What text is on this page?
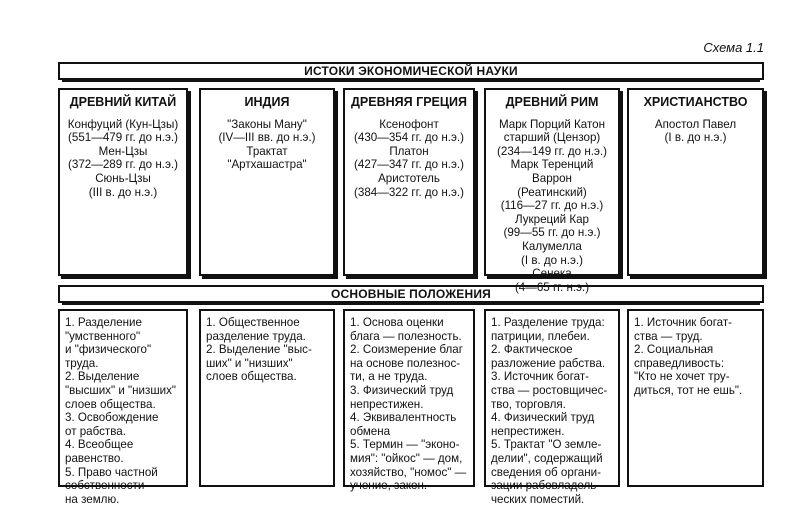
Схема 1.1
ИСТОКИ ЭКОНОМИЧЕСКОЙ НАУКИ
ДРЕВНИЙ КИТАЙ
Конфуций (Кун-Цзы)
(551—479 гг. до н.э.)
Мен-Цзы
(372—289 гг. до н.э.)
Сюнь-Цзы
(III в. до н.э.)
ИНДИЯ
"Законы Ману"
(IV—III вв. до н.э.)
Трактат
"Артхашастра"
ДРЕВНЯЯ ГРЕЦИЯ
Ксенофонт
(430—354 гг. до н.э.)
Платон
(427—347 гг. до н.э.)
Аристотель
(384—322 гг. до н.э.)
ДРЕВНИЙ РИМ
Марк Порций Катон
старший (Цензор)
(234—149 гг. до н.э.)
Марк Теренций
Варрон
(Реатинский)
(116—27 гг. до н.э.)
Лукреций Кар
(99—55 гг. до н.э.)
Калумелла
(I в. до н.э.)
Сенека
(4—65 гг. н.э.)
ХРИСТИАНСТВО
Апостол Павел
(I в. до н.э.)
ОСНОВНЫЕ ПОЛОЖЕНИЯ
1. Разделение
"умственного"
и "физического"
труда.
2. Выделение
"высших" и "низших"
слоев общества.
3. Освобождение
от рабства.
4. Всеобщее
равенство.
5. Право частной
собственности
на землю.
1. Общественное
разделение труда.
2. Выделение "выс-
ших" и "низших"
слоев общества.
1. Основа оценки
блага — полезность.
2. Соизмерение благ
на основе полезнос-
ти, а не труда.
3. Физический труд
непрестижен.
4. Эквивалентность
обмена
5. Термин — "эконо-
мия": "ойкос" — дом,
хозяйство, "номос" —
учение, закон.
1. Разделение труда:
патриции, плебеи.
2. Фактическое
разложение рабства.
3. Источник богат-
ства — ростовщичес-
тво, торговля.
4. Физический труд
непрестижен.
5. Трактат "О земле-
делии", содержащий
сведения об органи-
зации рабовладель-
ческих поместий.
1. Источник богат-
ства — труд.
2. Социальная
справедливость:
"Кто не хочет тру-
диться, тот не ешь".
